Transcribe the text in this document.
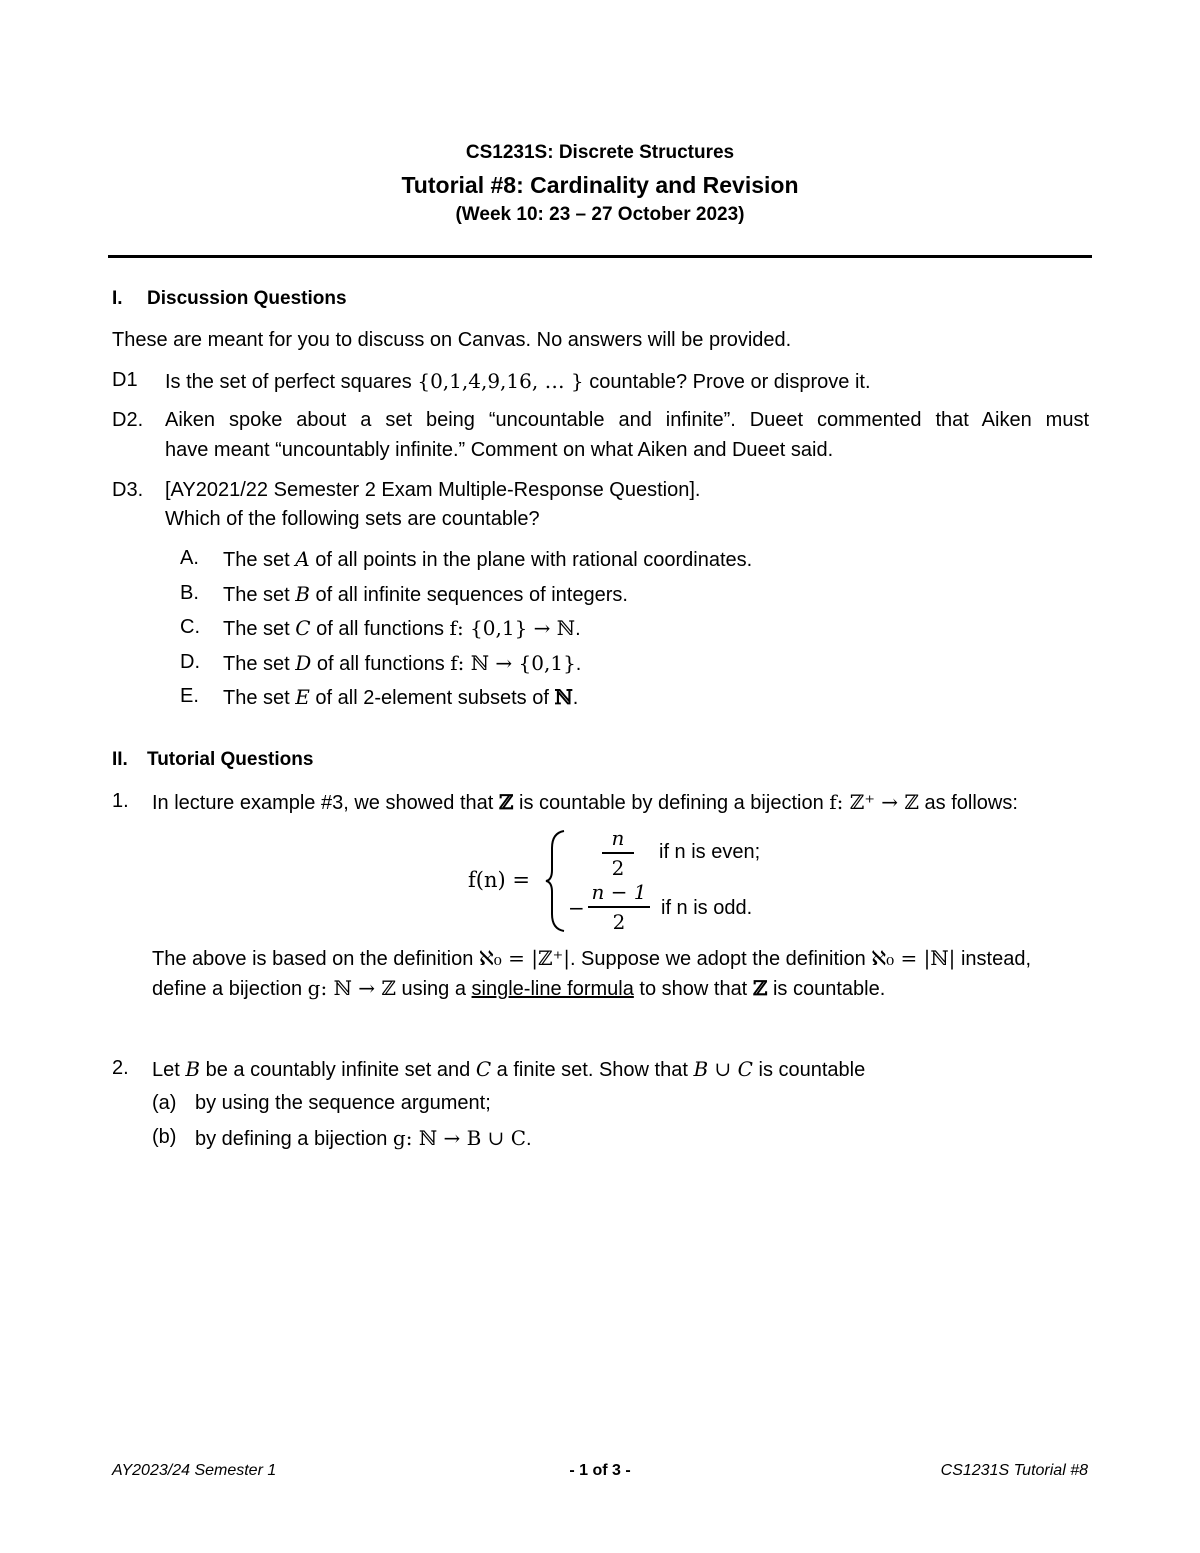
CS1231S: Discrete Structures
Tutorial #8: Cardinality and Revision
(Week 10: 23 – 27 October 2023)
I. Discussion Questions
These are meant for you to discuss on Canvas. No answers will be provided.
D1 Is the set of perfect squares {0,1,4,9,16, … } countable? Prove or disprove it.
D2. Aiken spoke about a set being “uncountable and infinite”. Dueet commented that Aiken must
have meant “uncountably infinite.” Comment on what Aiken and Dueet said.
D3. [AY2021/22 Semester 2 Exam Multiple-Response Question].
Which of the following sets are countable?
A. The set A of all points in the plane with rational coordinates.
B. The set B of all infinite sequences of integers.
C. The set C of all functions f: {0,1} → ℕ.
D. The set D of all functions f: ℕ → {0,1}.
E. The set E of all 2-element subsets of ℕ.
II. Tutorial Questions
1. In lecture example #3, we showed that ℤ is countable by defining a bijection f: ℤ⁺ → ℤ as follows:
f(n) =
n
2
if n is even;
−
n − 1
2
if n is odd.
The above is based on the definition ℵ₀ = |ℤ⁺|. Suppose we adopt the definition ℵ₀ = |ℕ| instead,
define a bijection g: ℕ → ℤ using a single-line formula to show that ℤ is countable.
2. Let B be a countably infinite set and C a finite set. Show that B ∪ C is countable
(a) by using the sequence argument;
(b) by defining a bijection g: ℕ → B ∪ C.
AY2023/24 Semester 1	- 1 of 3 -	CS1231S Tutorial #8
